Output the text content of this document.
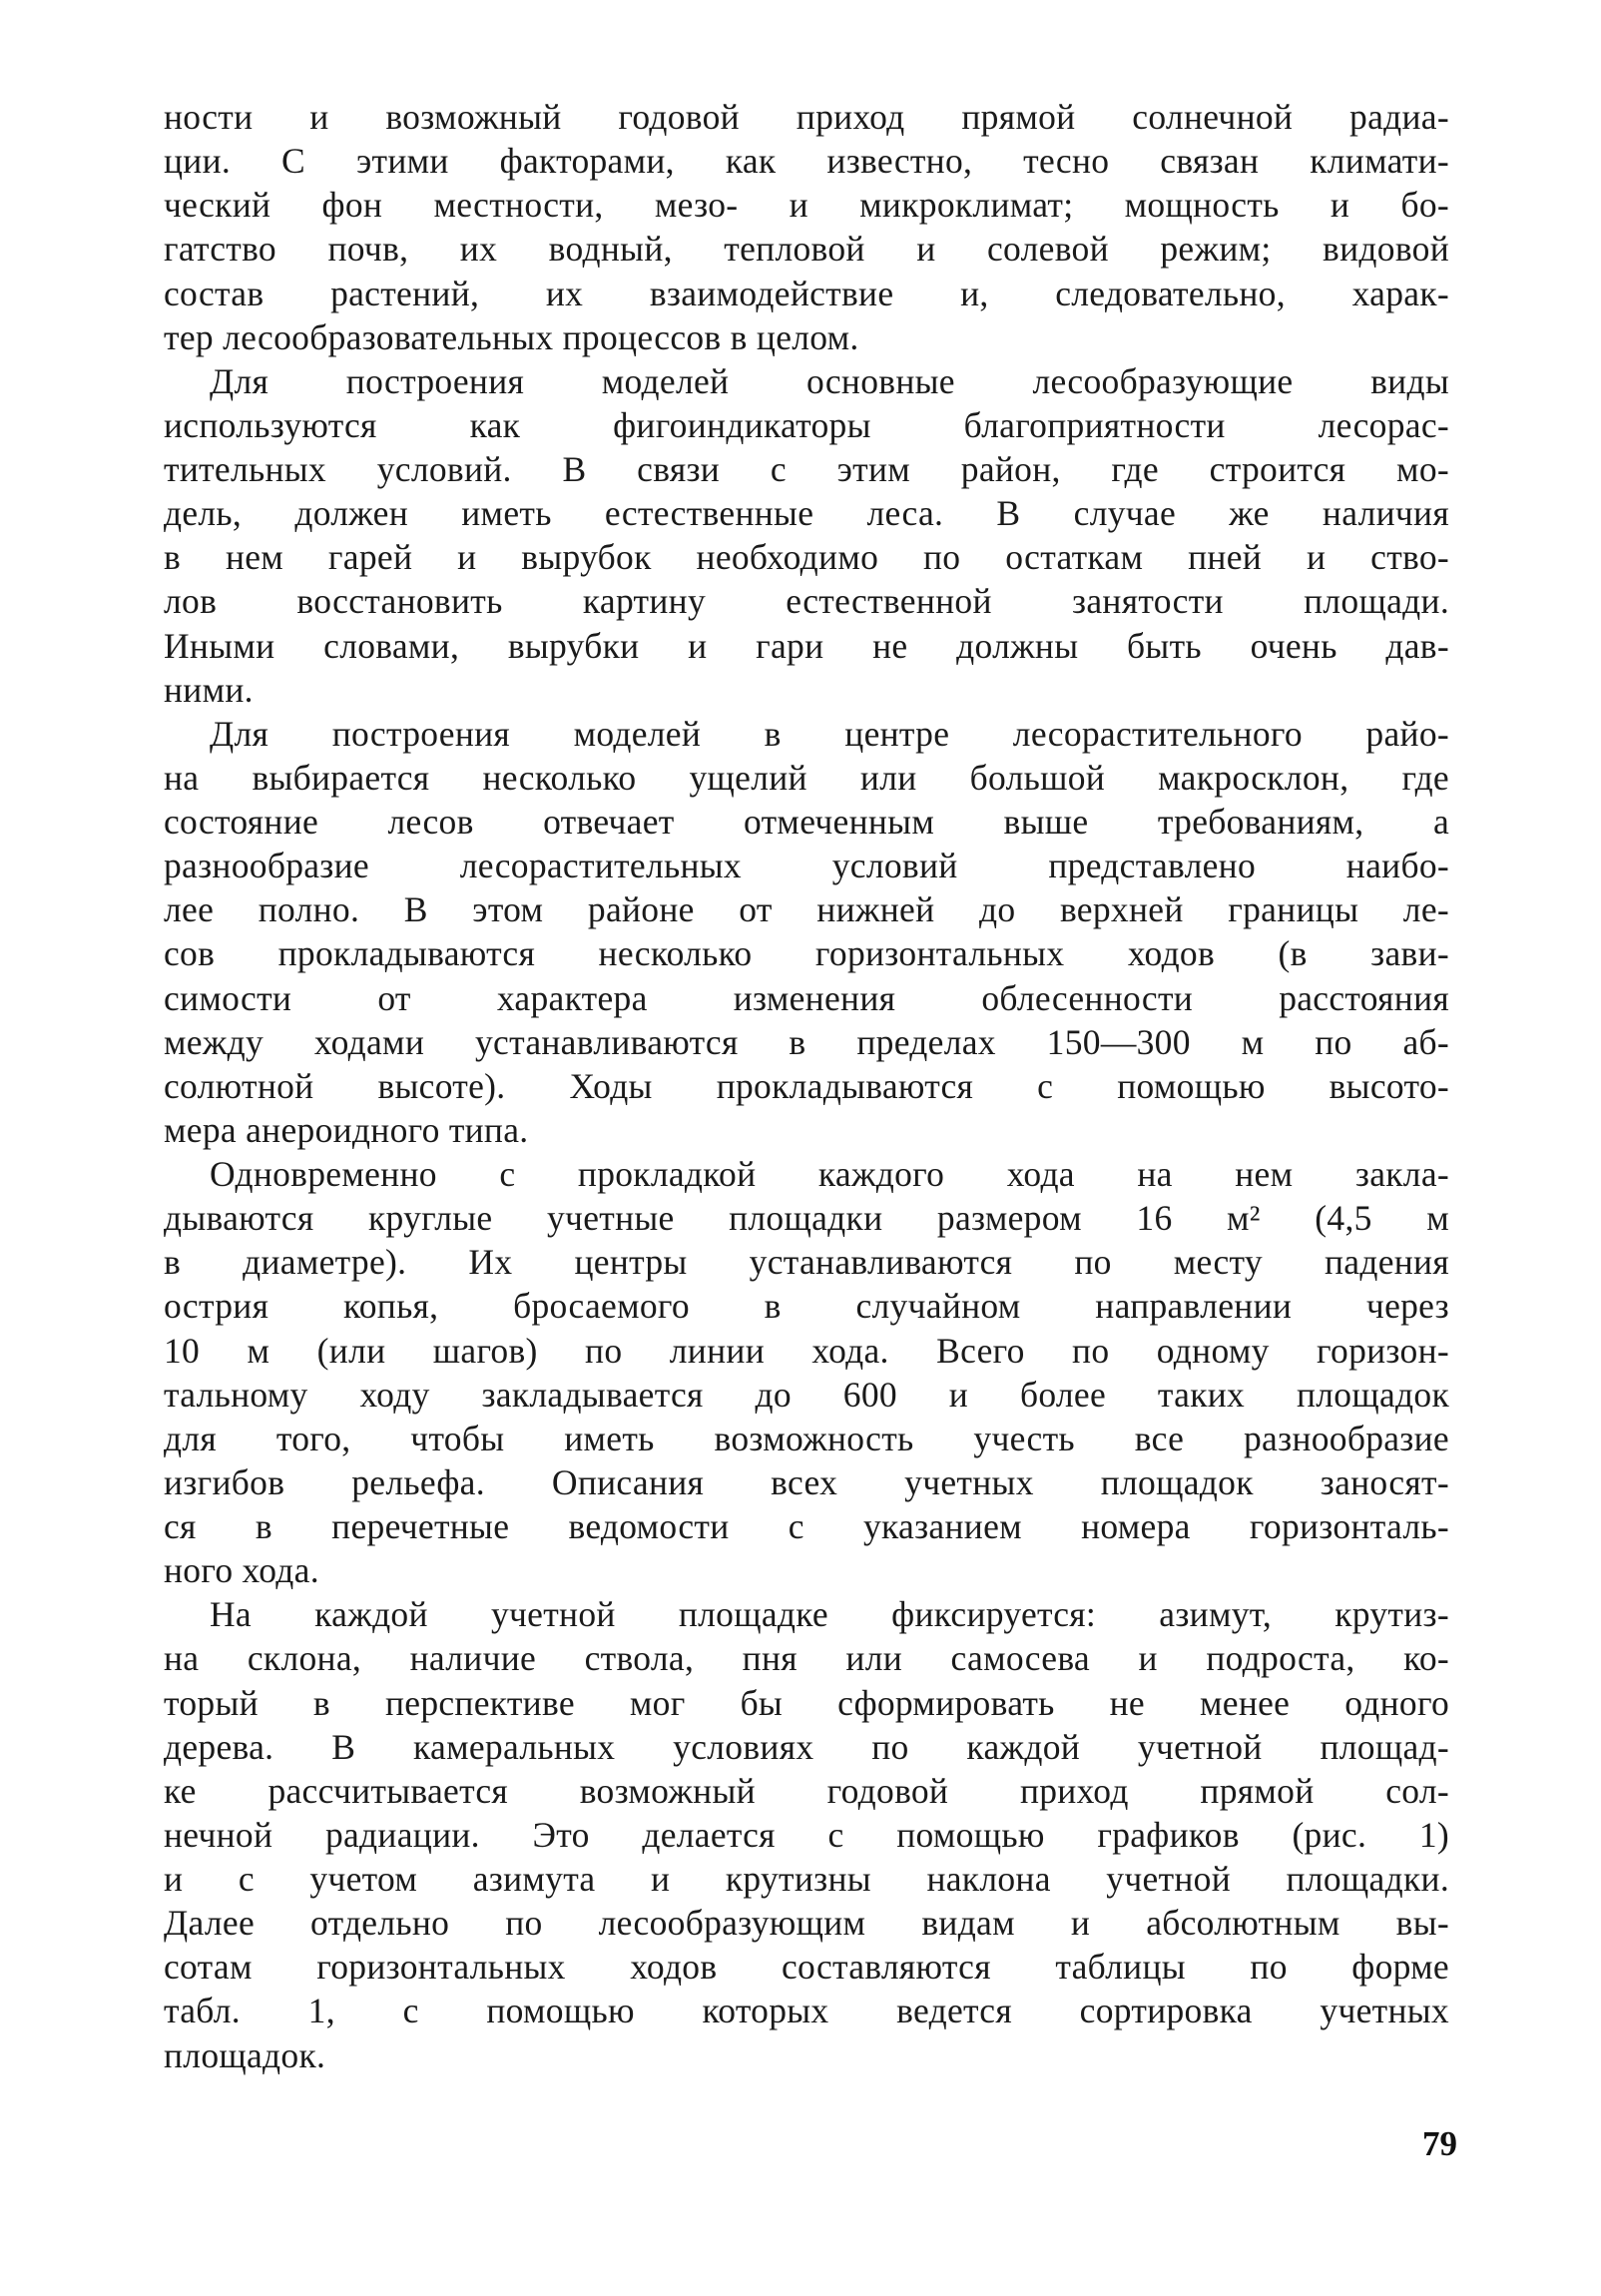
ности и возможный годовой приход прямой солнечной радиа-
ции. С этими факторами, как известно, тесно связан климати-
ческий фон местности, мезо- и микроклимат; мощность и бо-
гатство почв, их водный, тепловой и солевой режим; видовой
состав растений, их взаимодействие и, следовательно, харак-
тер лесообразовательных процессов в целом.
Для построения моделей основные лесообразующие виды
используются как фигоиндикаторы благоприятности лесорас-
тительных условий. В связи с этим район, где строится мо-
дель, должен иметь естественные леса. В случае же наличия
в нем гарей и вырубок необходимо по остаткам пней и ство-
лов восстановить картину естественной занятости площади.
Иными словами, вырубки и гари не должны быть очень дав-
ними.
Для построения моделей в центре лесорастительного райо-
на выбирается несколько ущелий или большой макросклон, где
состояние лесов отвечает отмеченным выше требованиям, а
разнообразие лесорастительных условий представлено наибо-
лее полно. В этом районе от нижней до верхней границы ле-
сов прокладываются несколько горизонтальных ходов (в зави-
симости от характера изменения облесенности расстояния
между ходами устанавливаются в пределах 150—300 м по аб-
солютной высоте). Ходы прокладываются с помощью высото-
мера анероидного типа.
Одновременно с прокладкой каждого хода на нем закла-
дываются круглые учетные площадки размером 16 м² (4,5 м
в диаметре). Их центры устанавливаются по месту падения
острия копья, бросаемого в случайном направлении через
10 м (или шагов) по линии хода. Всего по одному горизон-
тальному ходу закладывается до 600 и более таких площадок
для того, чтобы иметь возможность учесть все разнообразие
изгибов рельефа. Описания всех учетных площадок заносят-
ся в перечетные ведомости с указанием номера горизонталь-
ного хода.
На каждой учетной площадке фиксируется: азимут, крутиз-
на склона, наличие ствола, пня или самосева и подроста, ко-
торый в перспективе мог бы сформировать не менее одного
дерева. В камеральных условиях по каждой учетной площад-
ке рассчитывается возможный годовой приход прямой сол-
нечной радиации. Это делается с помощью графиков (рис. 1)
и с учетом азимута и крутизны наклона учетной площадки.
Далее отдельно по лесообразующим видам и абсолютным вы-
сотам горизонтальных ходов составляются таблицы по форме
табл. 1, с помощью которых ведется сортировка учетных
площадок.
79
